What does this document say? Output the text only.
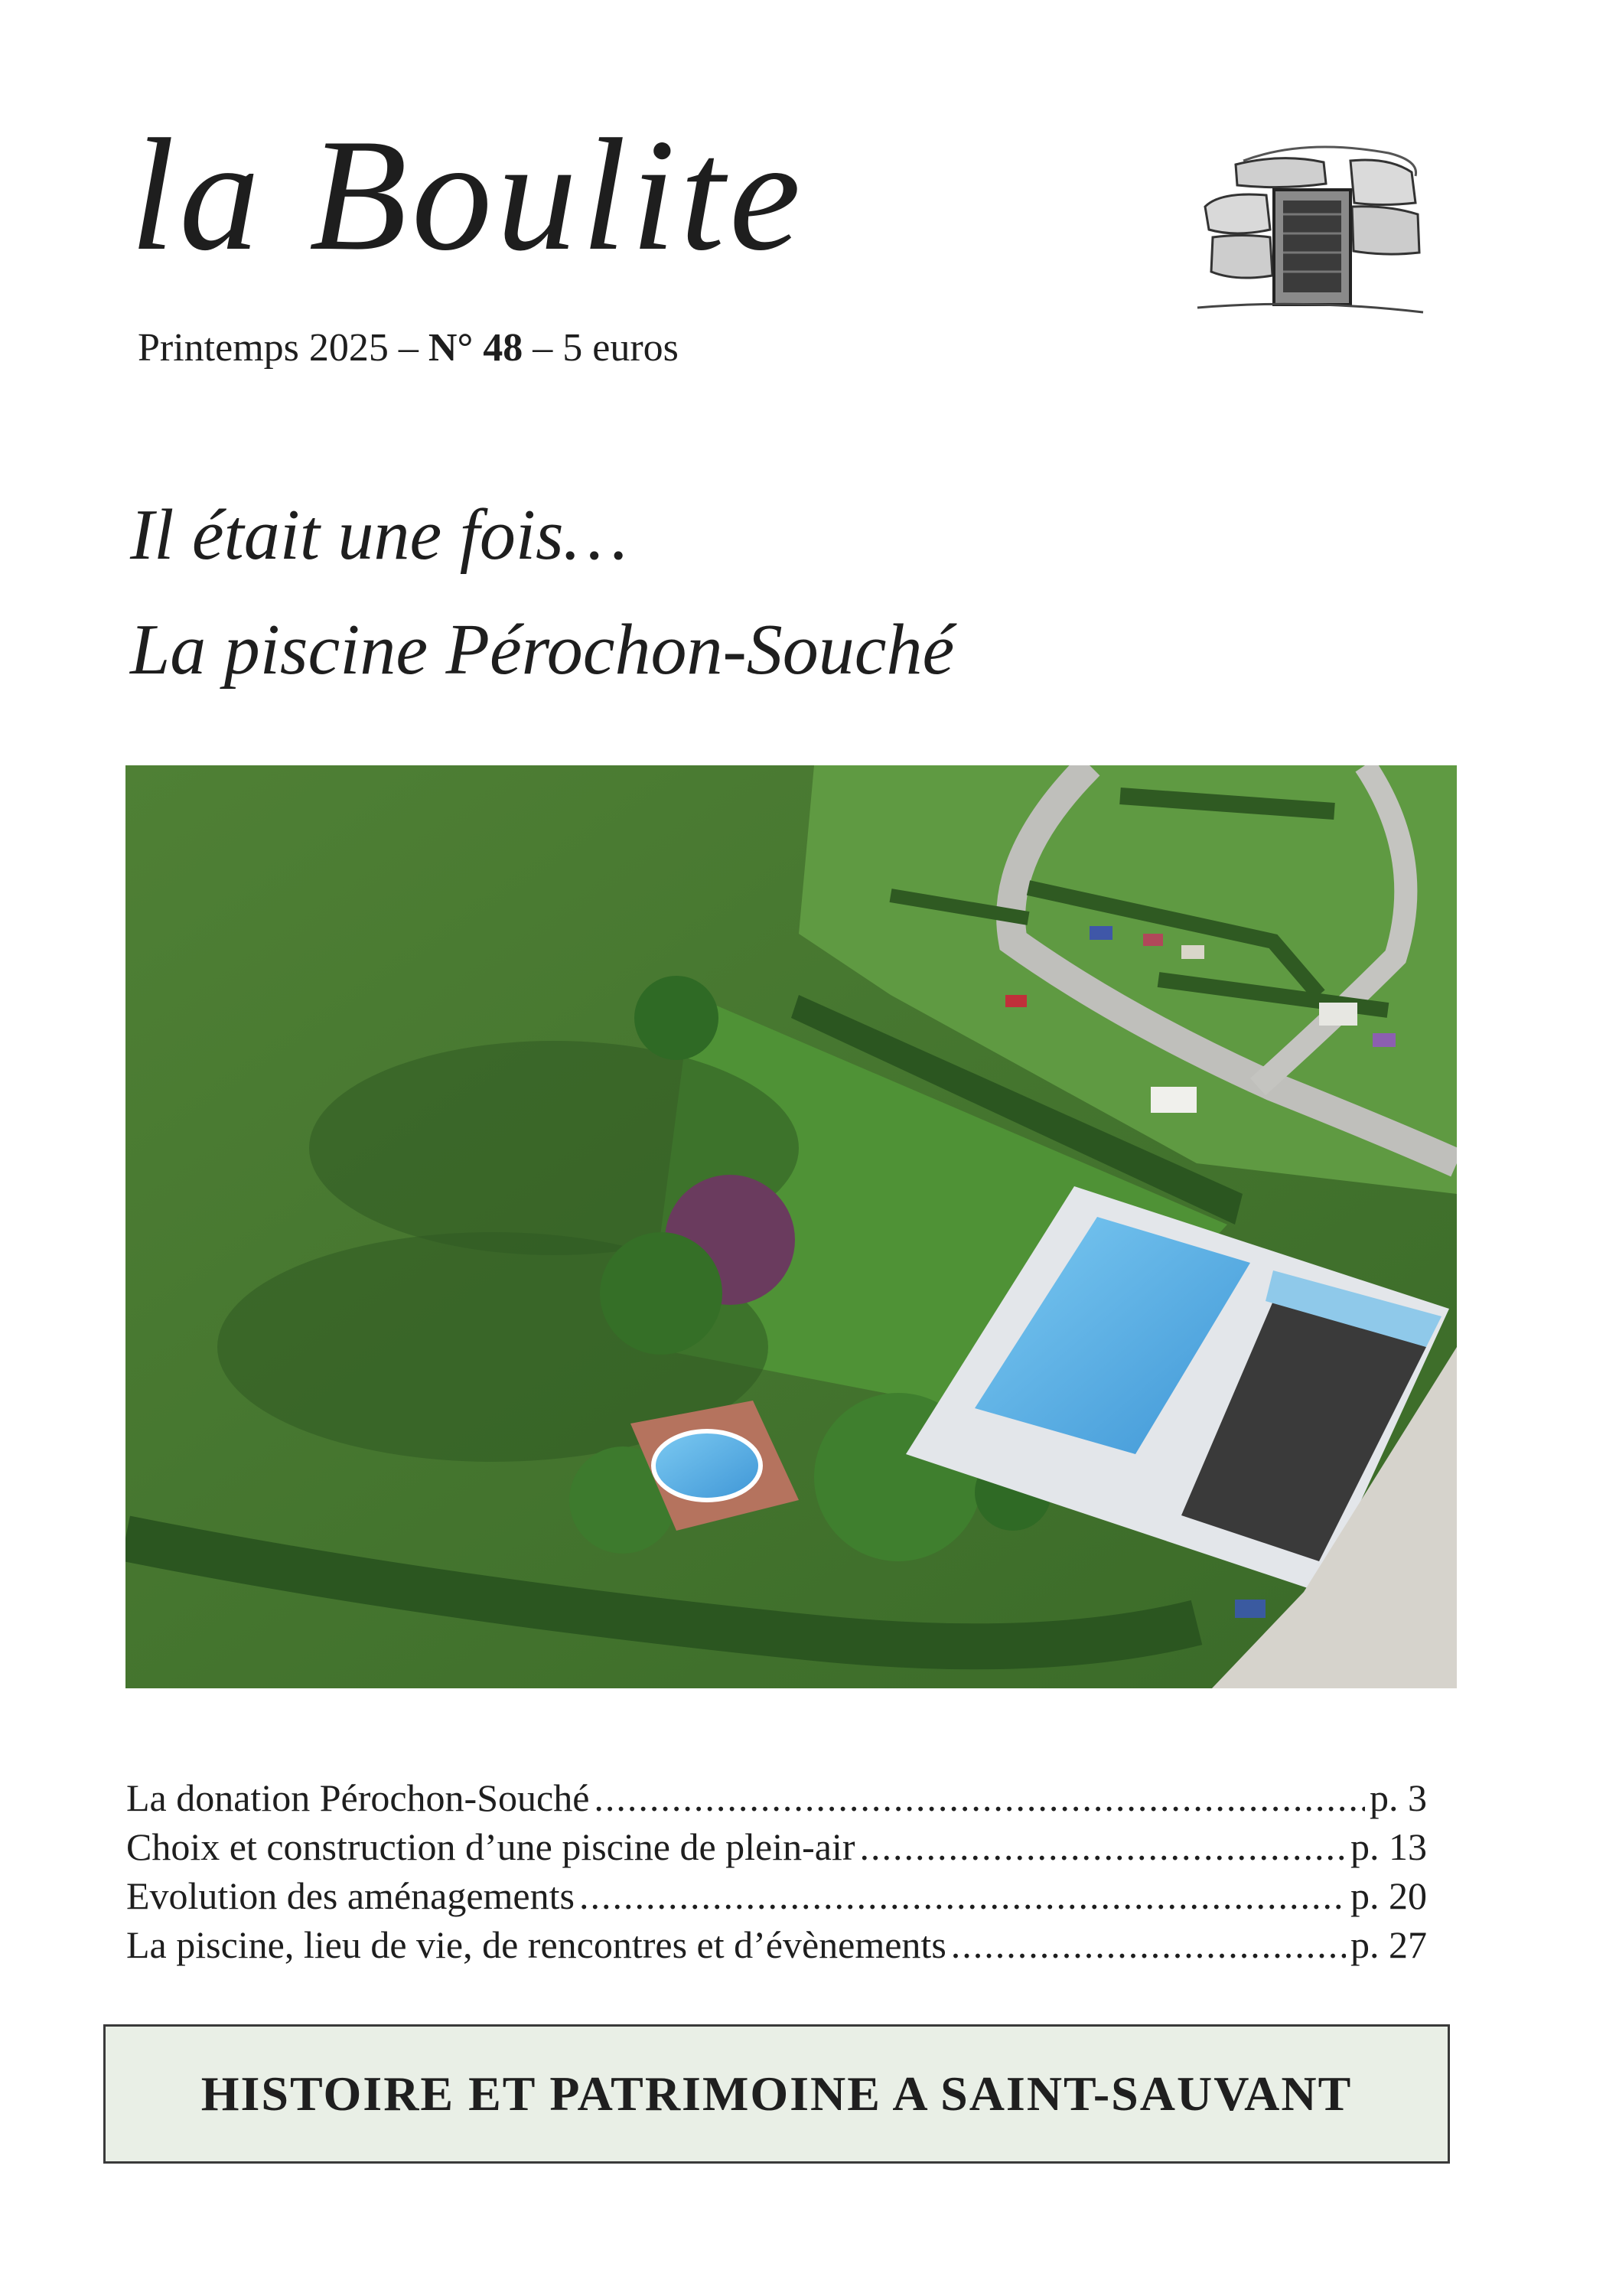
la Boulite
Printemps 2025 – N° 48 – 5 euros
Il était une fois…
La piscine Pérochon-Souché
La donation Pérochon-Souché .....	p. 3
Choix et construction d’une piscine de plein-air .....	p. 13
Evolution des aménagements .....	p. 20
La piscine, lieu de vie, de rencontres et d’évènements .....	p. 27
HISTOIRE ET PATRIMOINE A SAINT-SAUVANT
